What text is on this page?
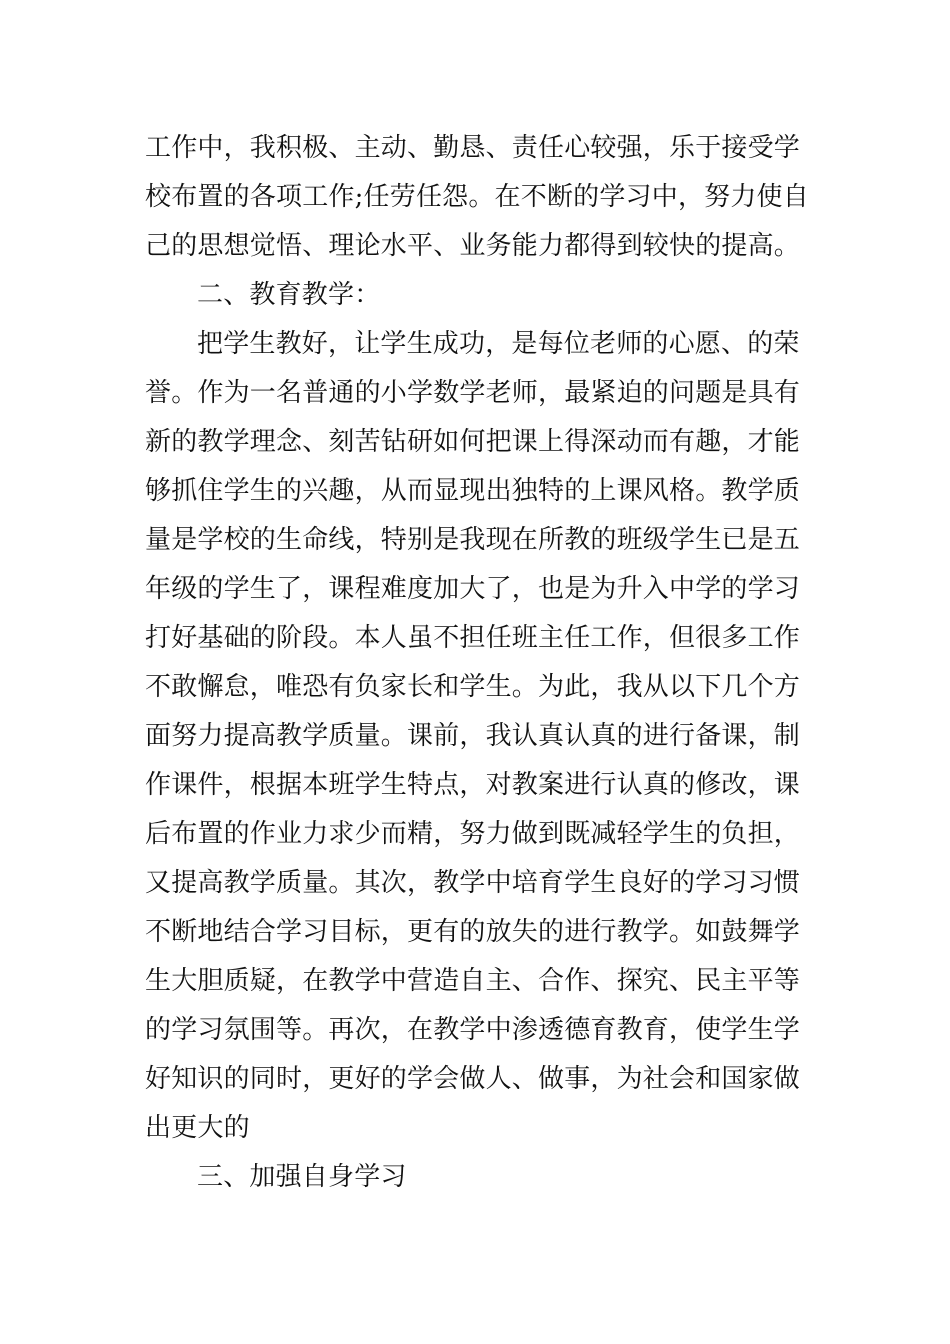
工作中，我积极、主动、勤恳、责任心较强，乐于接受学
校布置的各项工作;任劳任怨。在不断的学习中，努力使自
己的思想觉悟、理论水平、业务能力都得到较快的提高。
二、教育教学：
把学生教好，让学生成功，是每位老师的心愿、的荣
誉。作为一名普通的小学数学老师，最紧迫的问题是具有
新的教学理念、刻苦钻研如何把课上得深动而有趣，才能
够抓住学生的兴趣，从而显现出独特的上课风格。教学质
量是学校的生命线，特别是我现在所教的班级学生已是五
年级的学生了，课程难度加大了，也是为升入中学的学习
打好基础的阶段。本人虽不担任班主任工作，但很多工作
不敢懈怠，唯恐有负家长和学生。为此，我从以下几个方
面努力提高教学质量。课前，我认真认真的进行备课，制
作课件，根据本班学生特点，对教案进行认真的修改，课
后布置的作业力求少而精，努力做到既减轻学生的负担，
又提高教学质量。其次，教学中培育学生良好的学习习惯
不断地结合学习目标，更有的放失的进行教学。如鼓舞学
生大胆质疑，在教学中营造自主、合作、探究、民主平等
的学习氛围等。再次，在教学中渗透德育教育，使学生学
好知识的同时，更好的学会做人、做事，为社会和国家做
出更大的
三、加强自身学习
